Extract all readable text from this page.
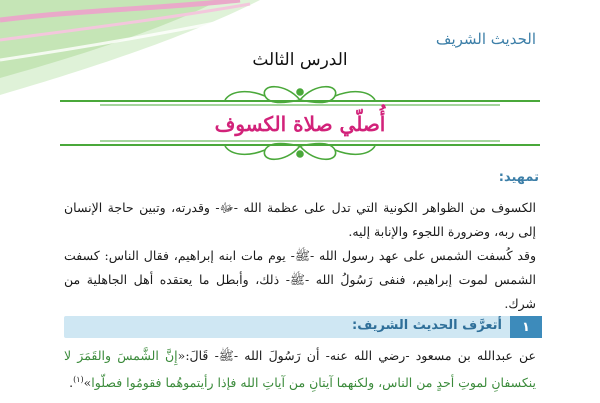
الحديث الشريف
الدرس الثالث
أُصلّي صلاة الكسوف
تمهيد:
الكسوف من الظواهر الكونية التي تدل على عظمة الله -ﷻ- وقدرته، وتبين حاجة الإنسان إلى ربه، وضرورة اللجوء والإنابة إليه.
وقد كُسفت الشمس على عهد رسول الله -ﷺ- يوم مات ابنه إبراهيم، فقال الناس: كسفت الشمس لموت إبراهيم، فنفى رَسُولُ الله -ﷺ- ذلك، وأبطل ما يعتقده أهل الجاهلية من شرك.
١
أتعرَّف الحديث الشريف:
عن عبدالله بن مسعود -رضي الله عنه- أن رَسُولَ الله -ﷺ- قَالَ:«إِنَّ الشَّمسَ والقَمَرَ لا ينكسفانِ لموتِ أحدٍ من الناس، ولكنهما آيتانِ من آياتِ الله فإذا رأيتموهُما فقومُوا فصلّوا»$^{(١)}$.
